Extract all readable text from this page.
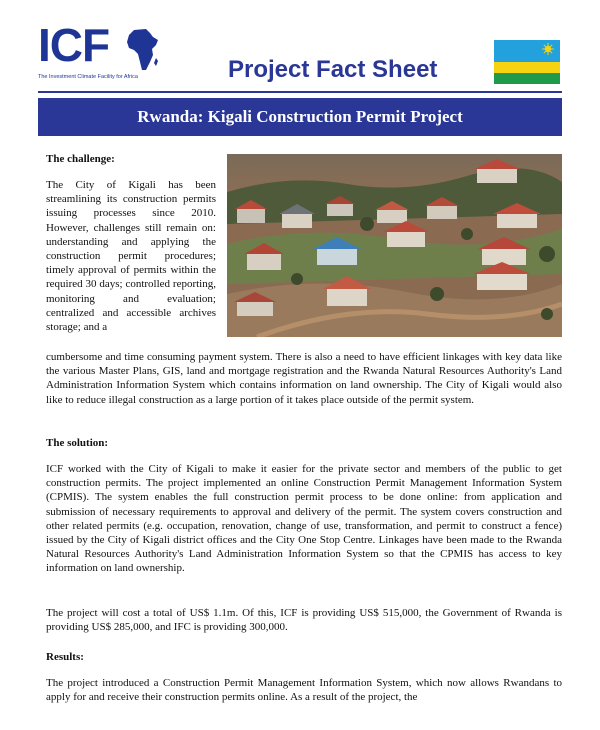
ICF
The Investment Climate Facility for Africa	Project Fact Sheet
Rwanda: Kigali Construction Permit Project
The challenge:

The City of Kigali has been streamlining its construction permits issuing processes since 2010. However, challenges still remain on: understanding and applying the construction permit procedures; timely approval of permits within the required 30 days; controlled reporting, monitoring and evaluation; centralized and accessible archives storage; and a

cumbersome and time consuming payment system. There is also a need to have efficient linkages with key data like the various Master Plans, GIS, land and mortgage registration and the Rwanda Natural Resources Authority's Land Administration Information System which contains information on land ownership. The City of Kigali would also like to reduce illegal construction as a large portion of it takes place outside of the permit system.

The solution:

ICF worked with the City of Kigali to make it easier for the private sector and members of the public to get construction permits. The project implemented an online Construction Permit Management Information System (CPMIS). The system enables the full construction permit process to be done online: from application and submission of necessary requirements to approval and delivery of the permit. The system covers construction and other related permits (e.g. occupation, renovation, change of use, transformation, and permit to construct a fence) issued by the City of Kigali district offices and the City One Stop Centre. Linkages have been made to the Rwanda Natural Resources Authority's Land Administration Information System so that the CPMIS has access to key information on land ownership.

The project will cost a total of US$ 1.1m. Of this, ICF is providing US$ 515,000, the Government of Rwanda is providing US$ 285,000, and IFC is providing 300,000.

Results:

The project introduced a Construction Permit Management Information System, which now allows Rwandans to apply for and receive their construction permits online. As a result of the project, the
